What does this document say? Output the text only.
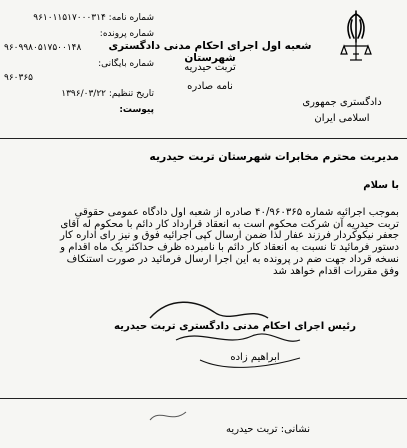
دادگستری جمهوری
اسلامی ایران
شعبه اول اجرای احکام مدنی دادگستری شهرستان
تربت حیدریه
نامه صادره
شماره نامه: ۹۶۱۰۱۱۵۱۷۰۰۰۳۱۴
شماره پرونده:
۹۶۰۹۹۸۰۵۱۷۵۰۰۱۴۸
شماره بایگانی:
۹۶۰۳۶۵
تاریخ تنظیم: ۱۳۹۶/۰۳/۲۲
پیوست:
مدیریت محترم مخابرات شهرستان تربت حیدریه
با سلام
بموجب اجرائیه شماره ۴۰/۹۶۰۳۶۵ صادره از شعبه اول دادگاه عمومی حقوقی
تربت حیدریه آن شرکت محکوم است به انعقاد قرارداد کار دائم با محکوم له آقای
جعفر نیکوکردار فرزند عفار لذا ضمن ارسال کپی اجرائیه فوق و نیز رای اداره کار
دستور فرمائید تا نسبت به انعقاد کار دائم با نامبرده ظرف حداکثر یک ماه اقدام و
نسخه قرداد جهت ضم در پرونده به این اجرا ارسال فرمائید در صورت استنکاف
وفق مقررات اقدام خواهد شد
رئیس اجرای احکام مدنی دادگستری تربت حیدریه
ابراهیم زاده
نشانی: تربت حیدریه
